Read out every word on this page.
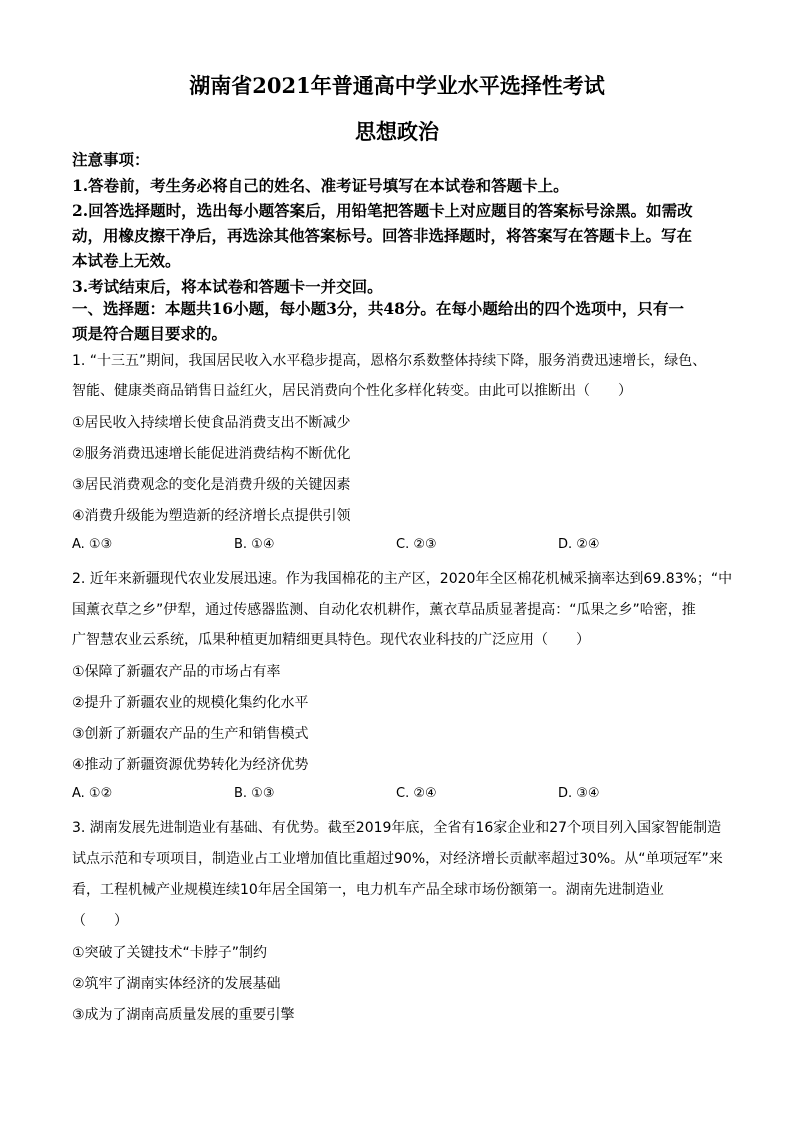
湖南省2021年普通高中学业水平选择性考试
思想政治
注意事项：
1.答卷前，考生务必将自己的姓名、准考证号填写在本试卷和答题卡上。
2.回答选择题时，选出每小题答案后，用铅笔把答题卡上对应题目的答案标号涂黑。如需改
动，用橡皮擦干净后，再选涂其他答案标号。回答非选择题时，将答案写在答题卡上。写在
本试卷上无效。
3.考试结束后，将本试卷和答题卡一并交回。
一、选择题：本题共16小题，每小题3分，共48分。在每小题给出的四个选项中，只有一
项是符合题目要求的。
1. “十三五”期间，我国居民收入水平稳步提高，恩格尔系数整体持续下降，服务消费迅速增长，绿色、
智能、健康类商品销售日益红火，居民消费向个性化多样化转变。由此可以推断出（　　）
①居民收入持续增长使食品消费支出不断减少
②服务消费迅速增长能促进消费结构不断优化
③居民消费观念的变化是消费升级的关键因素
④消费升级能为塑造新的经济增长点提供引领
A. ①③	B. ①④	C. ②③	D. ②④
2. 近年来新疆现代农业发展迅速。作为我国棉花的主产区，2020年全区棉花机械采摘率达到69.83%；“中
国薰衣草之乡”伊犁，通过传感器监测、自动化农机耕作，薰衣草品质显著提高：“瓜果之乡”哈密，推
广智慧农业云系统，瓜果种植更加精细更具特色。现代农业科技的广泛应用（　　）
①保障了新疆农产品的市场占有率
②提升了新疆农业的规模化集约化水平
③创新了新疆农产品的生产和销售模式
④推动了新疆资源优势转化为经济优势
A. ①②	B. ①③	C. ②④	D. ③④
3. 湖南发展先进制造业有基础、有优势。截至2019年底，全省有16家企业和27个项目列入国家智能制造
试点示范和专项项目，制造业占工业增加值比重超过90%，对经济增长贡献率超过30%。从“单项冠军”来
看，工程机械产业规模连续10年居全国第一，电力机车产品全球市场份额第一。湖南先进制造业
（　　）
①突破了关键技术“卡脖子”制约
②筑牢了湖南实体经济的发展基础
③成为了湖南高质量发展的重要引擎
